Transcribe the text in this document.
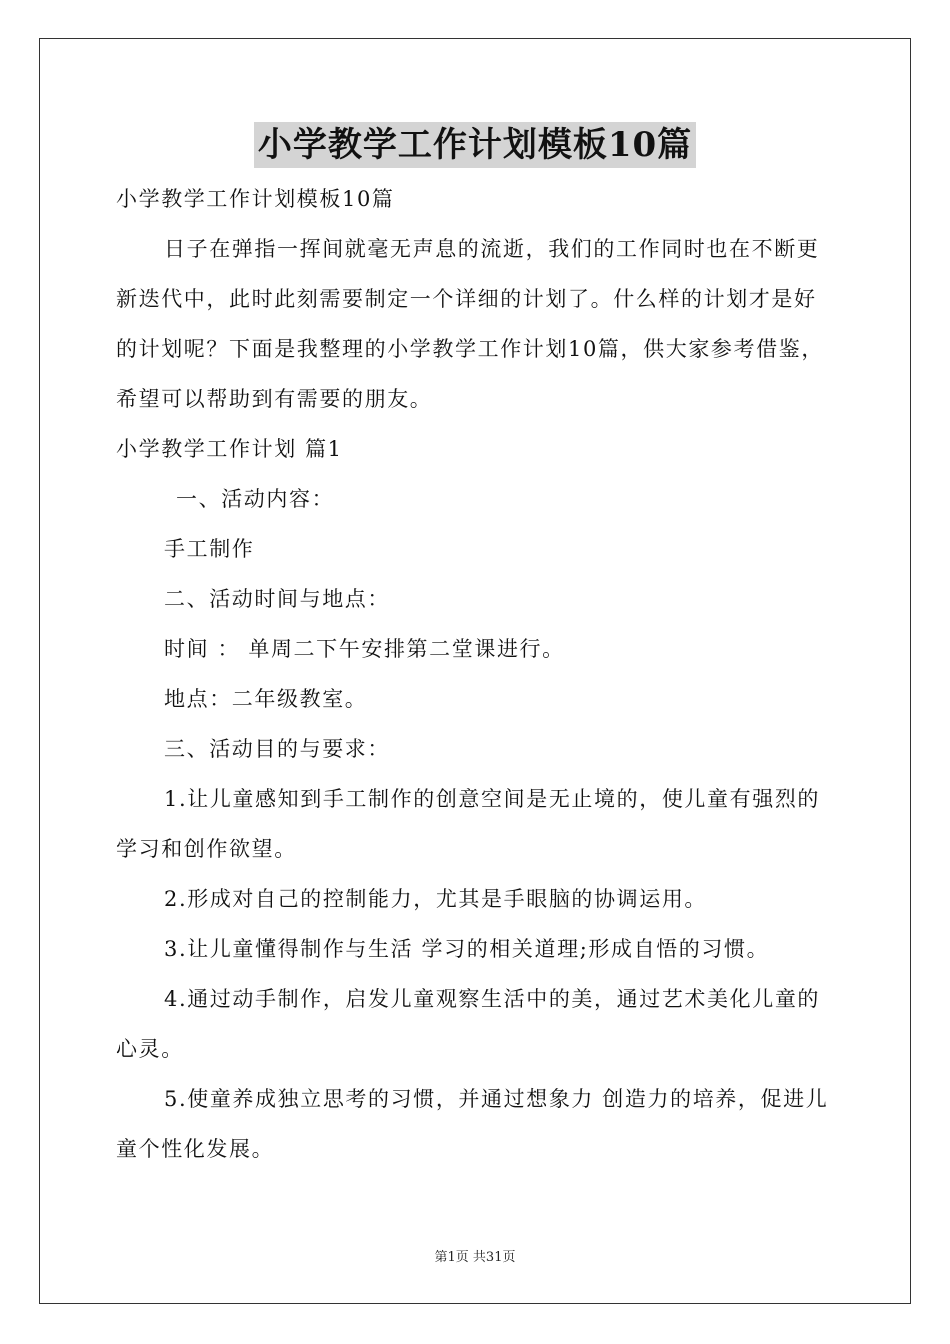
小学教学工作计划模板10篇

小学教学工作计划模板10篇

日子在弹指一挥间就毫无声息的流逝，我们的工作同时也在不断更新迭代中，此时此刻需要制定一个详细的计划了。什么样的计划才是好的计划呢？下面是我整理的小学教学工作计划10篇，供大家参考借鉴，希望可以帮助到有需要的朋友。

小学教学工作计划 篇1

一、活动内容：

手工制作

二、活动时间与地点：

时间 ： 单周二下午安排第二堂课进行。

地点：二年级教室。

三、活动目的与要求：

1.让儿童感知到手工制作的创意空间是无止境的，使儿童有强烈的学习和创作欲望。

2.形成对自己的控制能力，尤其是手眼脑的协调运用。

3.让儿童懂得制作与生活 学习的相关道理;形成自悟的习惯。

4.通过动手制作，启发儿童观察生活中的美，通过艺术美化儿童的心灵。

5.使童养成独立思考的习惯，并通过想象力 创造力的培养，促进儿童个性化发展。

第1页 共31页
